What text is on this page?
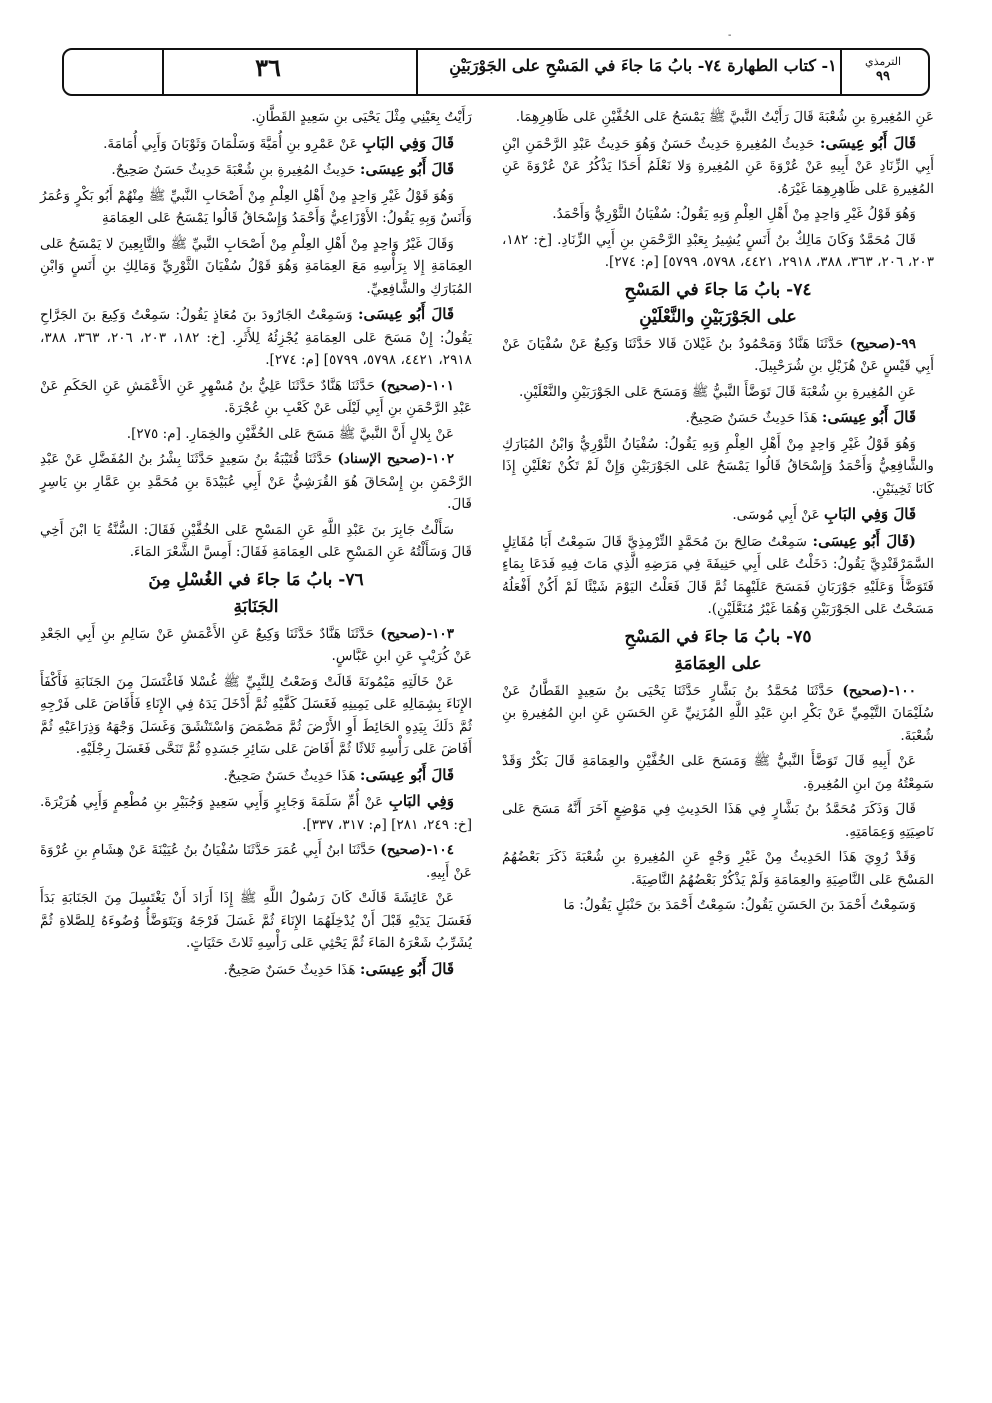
-
الترمذي
٩٩
١- كتاب الطهارة ٧٤- بابُ مَا جاءَ في المَسْحِ على الجَوْرَبَيْنِ
٣٦

عَنِ المُغِيرةِ بنِ شُعْبَةَ قَالَ رَأَيْتُ النَّبيَّ ﷺ يَمْسَحُ عَلى الخُفَّيْنِ عَلى ظَاهِرِهِمَا.

قَالَ أَبُو عِيسَى: حَدِيثُ المُغِيرةِ حَدِيثٌ حَسَنٌ وَهُوَ حَدِيثُ عَبْدِ الرَّحْمَنِ ابْنِ أَبِي الزِّنَادِ عَنْ أَبِيهِ عَنْ عُرْوَةَ عَنِ المُغِيرةِ وَلا نَعْلَمُ أَحَدًا يَذْكُرُ عَنْ عُرْوَةَ عَنِ المُغِيرةِ عَلى ظَاهِرِهِمَا غَيْرَهُ.

وَهُوَ قَوْلُ غَيْرِ وَاحِدٍ مِنْ أَهْلِ العِلْمِ وَبِهِ يَقُولُ: سُفْيَانُ الثَّوْرِيُّ وَأَحْمَدُ.

قَالَ مُحَمَّدٌ وَكَانَ مَالِكٌ بنُ أَنَسٍ يُشِيرُ بِعَبْدِ الرَّحْمَنِ بنِ أَبِي الزِّنَادِ. [خ: ١٨٢، ٢٠٣، ٢٠٦، ٣٦٣، ٣٨٨، ٢٩١٨، ٤٤٢١، ٥٧٩٨، ٥٧٩٩] [م: ٢٧٤].

٧٤- بابُ مَا جاءَ في المَسْحِ
على الجَوْرَبَيْنِ والنَّعْلَيْنِ

٩٩-(صحيح) حَدَّثَنَا هَنَّادٌ وَمَحْمُودُ بنُ غَيْلانَ قَالا حَدَّثَنَا وَكِيعٌ عَنْ سُفْيَانَ عَنْ أَبِي قَيْسٍ عَنْ هُزَيْلِ بنِ شُرَحْبِيلَ.

عَنِ المُغِيرةِ بنِ شُعْبَةَ قَالَ تَوَضَّأَ النَّبيُّ ﷺ وَمَسَحَ عَلى الجَوْرَبَيْنِ والنَّعْلَيْنِ.

قَالَ أَبُو عِيسَى: هَذَا حَدِيثٌ حَسَنٌ صَحِيحٌ.

وَهُوَ قَوْلُ غَيْرِ وَاحِدٍ مِنْ أَهْلِ العِلْمِ وَبِهِ يَقُولُ: سُفْيَانُ الثَّوْرِيُّ وَابْنُ المُبَارَكِ والشَّافِعِيُّ وَأَحْمَدُ وَإِسْحَاقُ قَالُوا يَمْسَحُ عَلى الجَوْرَبَيْنِ وَإِنْ لَمْ تَكُنْ نَعْلَيْنِ إِذَا كَانَا ثَخِينَيْنِ.

قَالَ وَفِي البَابِ عَنْ أَبِي مُوسَى.

(قَالَ أَبُو عِيسَى: سَمِعْتُ صَالِحَ بنَ مُحَمَّدٍ التِّرْمِذِيَّ قَالَ سَمِعْتُ أَبَا مُقَاتِلٍ السَّمَرْقَنْدِيَّ يَقُولُ: دَخَلْتُ عَلى أَبِي حَنِيفَةَ فِي مَرَضِهِ الَّذِي مَاتَ فِيهِ فَدَعَا بِمَاءٍ فَتَوَضَّأَ وَعَلَيْهِ جَوْرَبَانِ فَمَسَحَ عَلَيْهِمَا ثُمَّ قَالَ فَعَلْتُ اليَوْمَ شَيْئًا لَمْ أَكُنْ أَفْعَلُهُ مَسَحْتُ عَلى الجَوْرَبَيْنِ وَهُمَا غَيْرُ مُنَعَّلَيْنِ).

٧٥- بابُ مَا جاءَ في المَسْحِ
على العِمَامَةِ

١٠٠-(صحيح) حَدَّثَنَا مُحَمَّدُ بنُ بَشَّارٍ حَدَّثَنَا يَحْيَى بنُ سَعِيدٍ القَطَّانُ عَنْ سُلَيْمَانَ التَّيْمِيِّ عَنْ بَكْرِ ابنِ عَبْدِ اللَّهِ المُزَنِيِّ عَنِ الحَسَنِ عَنِ ابنِ المُغِيرةِ بنِ شُعْبَةَ.

عَنْ أَبِيهِ قَالَ تَوَضَّأَ النَّبيُّ ﷺ وَمَسَحَ عَلى الخُفَّيْنِ والعِمَامَةِ قَالَ بَكْرٌ وَقَدْ سَمِعْتُهُ مِنَ ابنِ المُغِيرةِ.

قَالَ وَذَكَرَ مُحَمَّدُ بنُ بَشَّارٍ فِي هَذَا الحَدِيثِ فِي مَوْضِعٍ آخَرَ أَنَّهُ مَسَحَ عَلى نَاصِيَتِهِ وَعِمَامَتِهِ.

وَقَدْ رُوِيَ هَذَا الحَدِيثُ مِنْ غَيْرِ وَجْهٍ عَنِ المُغِيرةِ بنِ شُعْبَةَ ذَكَرَ بَعْضُهُمُ المَسْحَ عَلى النَّاصِيَةِ والعِمَامَةِ وَلَمْ يَذْكُرْ بَعْضُهُمُ النَّاصِيَةَ.

وَسَمِعْتُ أَحْمَدَ بنَ الحَسَنِ يَقُولُ: سَمِعْتُ أَحْمَدَ بنَ حَنْبَلٍ يَقُولُ: مَا

رَأَيْتُ بِعَيْنِي مِثْلَ يَحْيَى بنِ سَعِيدٍ القَطَّانِ.

قَالَ وَفِي البَابِ عَنْ عَمْرِو بنِ أُمَيَّةَ وَسَلْمَانَ وَثَوْبَانَ وَأَبِي أُمَامَةَ.

قَالَ أَبُو عِيسَى: حَدِيثُ المُغِيرةِ بنِ شُعْبَةَ حَدِيثٌ حَسَنٌ صَحِيحٌ.

وَهُوَ قَوْلُ غَيْرِ وَاحِدٍ مِنْ أَهْلِ العِلْمِ مِنْ أَصْحَابِ النَّبيِّ ﷺ مِنْهُمْ أَبُو بَكْرٍ وَعُمَرُ وَأَنَسٌ وَبِهِ يَقُولُ: الأَوْزَاعِيُّ وَأَحْمَدُ وَإِسْحَاقُ قَالُوا يَمْسَحُ عَلى العِمَامَةِ

وَقَالَ غَيْرُ وَاحِدٍ مِنْ أَهْلِ العِلْمِ مِنْ أَصْحَابِ النَّبيِّ ﷺ والتَّابِعِينَ لا يَمْسَحُ عَلى العِمَامَةِ إِلا بِرَأْسِهِ مَعَ العِمَامَةِ وَهُوَ قَوْلُ سُفْيَانَ الثَّوْرِيِّ وَمَالِكِ بنِ أَنَسٍ وَابْنِ المُبَارَكِ والشَّافِعِيِّ.

قَالَ أَبُو عِيسَى: وَسَمِعْتُ الجَارُودَ بنَ مُعَاذٍ يَقُولُ: سَمِعْتُ وَكِيعَ بنَ الجَرَّاحِ يَقُولُ: إِنْ مَسَحَ عَلى العِمَامَةِ يُجْزِئُهُ لِلأَثَرِ. [خ: ١٨٢، ٢٠٣، ٢٠٦، ٣٦٣، ٣٨٨، ٢٩١٨، ٤٤٢١، ٥٧٩٨، ٥٧٩٩] [م: ٢٧٤].

١٠١-(صحيح) حَدَّثَنَا هَنَّادٌ حَدَّثَنَا عَلِيُّ بنُ مُسْهِرٍ عَنِ الأَعْمَشِ عَنِ الحَكَمِ عَنْ عَبْدِ الرَّحْمَنِ بنِ أَبِي لَيْلَى عَنْ كَعْبِ بنِ عُجْرَةَ.

عَنْ بِلالٍ أَنَّ النَّبيَّ ﷺ مَسَحَ عَلى الخُفَّيْنِ والخِمَارِ. [م: ٢٧٥].

١٠٢-(صحيح الإسناد) حَدَّثَنَا قُتَيْبَةُ بنُ سَعِيدٍ حَدَّثَنَا بِشْرُ بنُ المُفَضَّلِ عَنْ عَبْدِ الرَّحْمَنِ بنِ إِسْحَاقَ هُوَ القُرَشِيُّ عَنْ أَبِي عُبَيْدَةَ بنِ مُحَمَّدِ بنِ عَمَّارِ بنِ يَاسِرٍ قَالَ.

سَأَلْتُ جَابِرَ بنَ عَبْدِ اللَّهِ عَنِ المَسْحِ عَلى الخُفَّيْنِ فَقَالَ: السُّنَّةُ يَا ابْنَ أَخِي قَالَ وَسَأَلْتُهُ عَنِ المَسْحِ عَلى العِمَامَةِ فَقَالَ: أَمِسَّ الشَّعْرَ المَاءَ.

٧٦- بابُ مَا جاءَ في الغُسْلِ مِنَ
الجَنَابَةِ

١٠٣-(صحيح) حَدَّثَنَا هَنَّادٌ حَدَّثَنَا وَكِيعٌ عَنِ الأَعْمَشِ عَنْ سَالِمِ بنِ أَبِي الجَعْدِ عَنْ كُرَيْبٍ عَنِ ابنِ عَبَّاسٍ.

عَنْ خَالَتِهِ مَيْمُونَةَ قَالَتْ وَضَعْتُ لِلنَّبِيِّ ﷺ غُسْلا فَاغْتَسَلَ مِنَ الجَنَابَةِ فَأَكْفَأَ الإِنَاءَ بِشِمَالِهِ عَلى يَمِينِهِ فَغَسَلَ كَفَّيْهِ ثُمَّ أَدْخَلَ يَدَهُ فِي الإِنَاءِ فَأَفَاضَ عَلى فَرْجِهِ ثُمَّ دَلَكَ بِيَدِهِ الحَائِطَ أَوِ الأَرْضَ ثُمَّ مَضْمَضَ وَاسْتَنْشَقَ وَغَسَلَ وَجْهَهُ وَذِرَاعَيْهِ ثُمَّ أَفَاضَ عَلى رَأْسِهِ ثَلاثًا ثُمَّ أَفَاضَ عَلى سَائِرِ جَسَدِهِ ثُمَّ تَنَحَّى فَغَسَلَ رِجْلَيْهِ.

قَالَ أَبُو عِيسَى: هَذَا حَدِيثٌ حَسَنٌ صَحِيحٌ.

وَفِي البَابِ عَنْ أُمِّ سَلَمَةَ وَجَابِرٍ وَأَبِي سَعِيدٍ وَجُبَيْرِ بنِ مُطْعِمٍ وَأَبِي هُرَيْرَةَ. [خ: ٢٤٩، ٢٨١] [م: ٣١٧، ٣٣٧].

١٠٤-(صحيح) حَدَّثَنَا ابنُ أَبِي عُمَرَ حَدَّثَنَا سُفْيَانُ بنُ عُيَيْنَةَ عَنْ هِشَامِ بنِ عُرْوَةَ عَنْ أَبِيهِ.

عَنْ عَائِشَةَ قَالَتْ كَانَ رَسُولُ اللَّهِ ﷺ إِذَا أَرَادَ أَنْ يَغْتَسِلَ مِنَ الجَنَابَةِ بَدَأَ فَغَسَلَ يَدَيْهِ قَبْلَ أَنْ يُدْخِلَهُمَا الإِنَاءَ ثُمَّ غَسَلَ فَرْجَهُ وَيَتَوَضَّأُ وُضُوءَهُ لِلصَّلاةِ ثُمَّ يُشَرِّبُ شَعْرَهُ المَاءَ ثُمَّ يَحْثِي عَلى رَأْسِهِ ثَلاثَ حَثَيَاتٍ.

قَالَ أَبُو عِيسَى: هَذَا حَدِيثٌ حَسَنٌ صَحِيحٌ.
